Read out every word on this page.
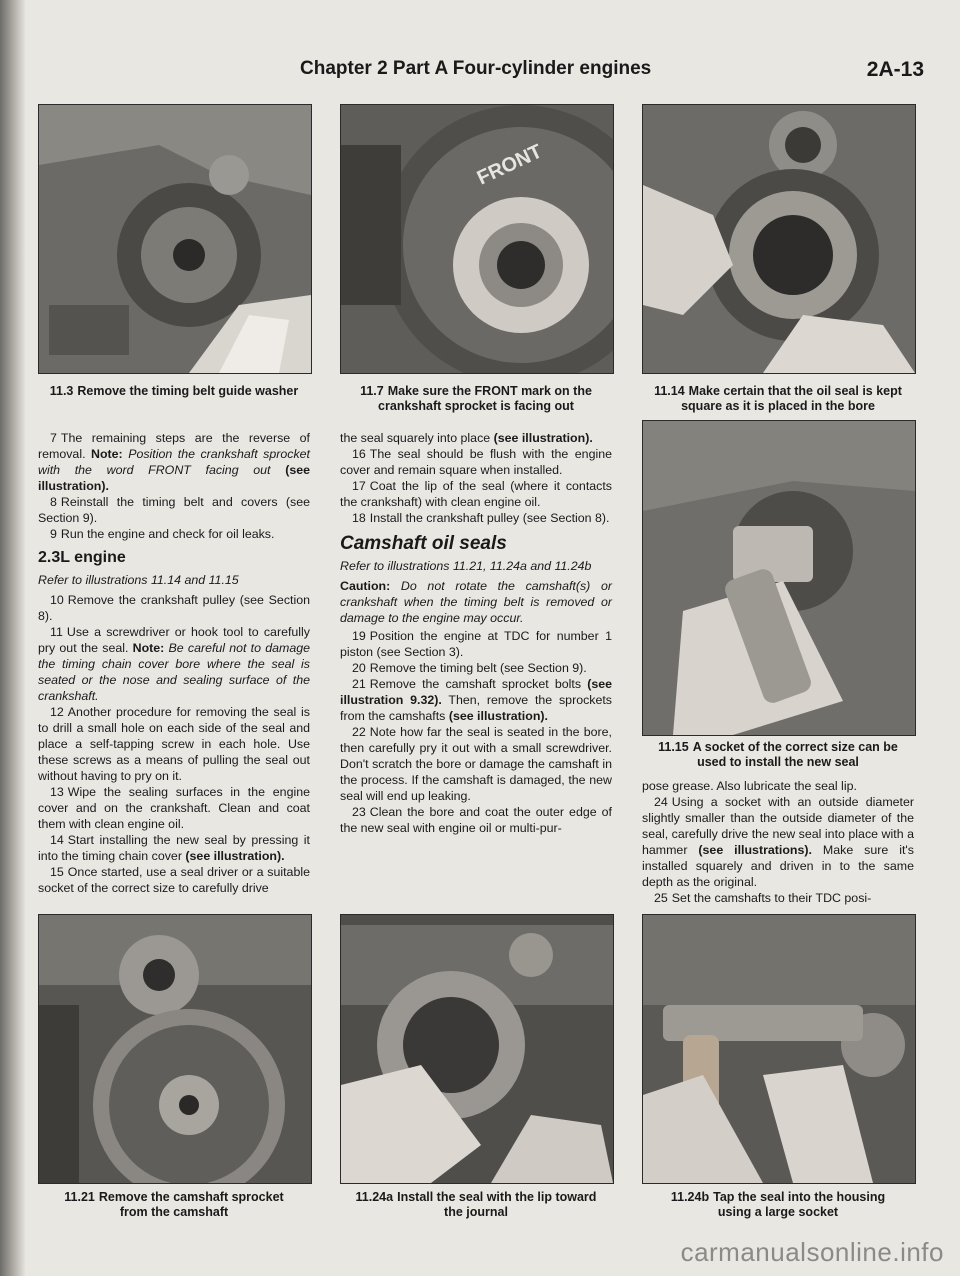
Chapter 2 Part A Four-cylinder engines	2A-13
11.3 Remove the timing belt guide washer
FRONT
11.7 Make sure the FRONT mark on the
crankshaft sprocket is facing out
11.14 Make certain that the oil seal is kept
square as it is placed in the bore
11.15 A socket of the correct size can be
used to install the new seal

7 The remaining steps are the reverse of removal. Note: Position the crankshaft sprocket with the word FRONT facing out (see illustration).

8 Reinstall the timing belt and covers (see Section 9).

9 Run the engine and check for oil leaks.

2.3L engine

Refer to illustrations 11.14 and 11.15

10 Remove the crankshaft pulley (see Section 8).

11 Use a screwdriver or hook tool to carefully pry out the seal. Note: Be careful not to damage the timing chain cover bore where the seal is seated or the nose and sealing surface of the crankshaft.

12 Another procedure for removing the seal is to drill a small hole on each side of the seal and place a self-tapping screw in each hole. Use these screws as a means of pulling the seal out without having to pry on it.

13 Wipe the sealing surfaces in the engine cover and on the crankshaft. Clean and coat them with clean engine oil.

14 Start installing the new seal by pressing it into the timing chain cover (see illustration).

15 Once started, use a seal driver or a suitable socket of the correct size to carefully drive

the seal squarely into place (see illustration).

16 The seal should be flush with the engine cover and remain square when installed.

17 Coat the lip of the seal (where it contacts the crankshaft) with clean engine oil.

18 Install the crankshaft pulley (see Section 8).

Camshaft oil seals

Refer to illustrations 11.21, 11.24a and 11.24b

Caution: Do not rotate the camshaft(s) or crankshaft when the timing belt is removed or damage to the engine may occur.

19 Position the engine at TDC for number 1 piston (see Section 3).

20 Remove the timing belt (see Section 9).

21 Remove the camshaft sprocket bolts (see illustration 9.32). Then, remove the sprockets from the camshafts (see illustration).

22 Note how far the seal is seated in the bore, then carefully pry it out with a small screwdriver. Don't scratch the bore or damage the camshaft in the process. If the camshaft is damaged, the new seal will end up leaking.

23 Clean the bore and coat the outer edge of the new seal with engine oil or multi-pur-

pose grease. Also lubricate the seal lip.

24 Using a socket with an outside diameter slightly smaller than the outside diameter of the seal, carefully drive the new seal into place with a hammer (see illustrations). Make sure it's installed squarely and driven in to the same depth as the original.

25 Set the camshafts to their TDC posi-

11.21 Remove the camshaft sprocket
from the camshaft
11.24a Install the seal with the lip toward
the journal
11.24b Tap the seal into the housing
using a large socket
carmanualsonline.info
